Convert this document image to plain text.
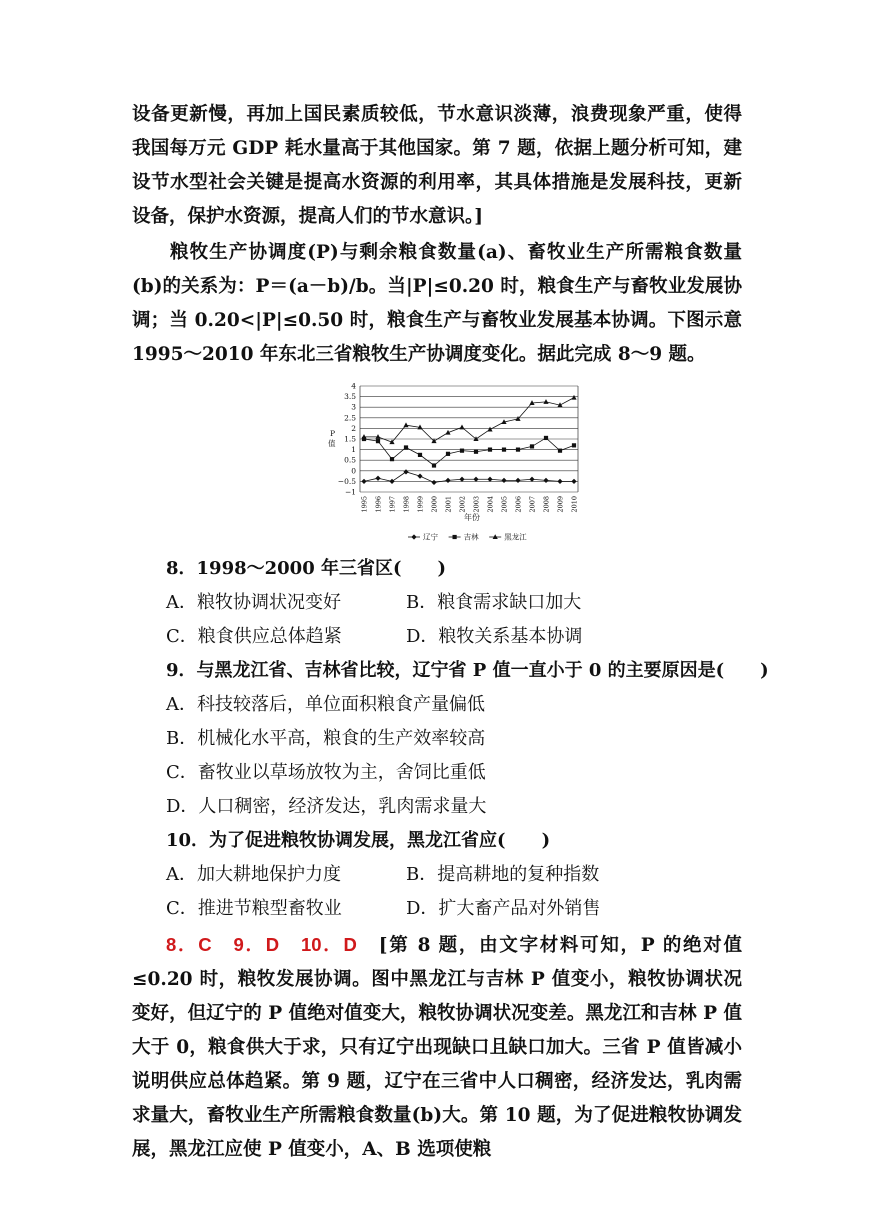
设备更新慢，再加上国民素质较低，节水意识淡薄，浪费现象严重，使得我国每万元 GDP 耗水量高于其他国家。第 7 题，依据上题分析可知，建设节水型社会关键是提高水资源的利用率，其具体措施是发展科技，更新设备，保护水资源，提高人们的节水意识。]

粮牧生产协调度(P)与剩余粮食数量(a)、畜牧业生产所需粮食数量(b)的关系为：P＝(a－b)/b。当|P|≤0.20 时，粮食生产与畜牧业发展协调；当 0.20<|P|≤0.50 时，粮食生产与畜牧业发展基本协调。下图示意 1995～2010 年东北三省粮牧生产协调度变化。据此完成 8～9 题。

4
3.5
3
2.5
2
1.5
1
0.5
0
−0.5
−1
1995 1996 1997 1998 1999 2000 2001 2002 2003 2004 2005 2006 2007 2008 2009 2010
P 值
年份
辽宁	吉林	黑龙江

8．1998～2000 年三省区(　　)

A．粮牧协调状况变好	B．粮食需求缺口加大
C．粮食供应总体趋紧	D．粮牧关系基本协调

9．与黑龙江省、吉林省比较，辽宁省 P 值一直小于 0 的主要原因是(　　)

A．科技较落后，单位面积粮食产量偏低
B．机械化水平高，粮食的生产效率较高
C．畜牧业以草场放牧为主，舍饲比重低
D．人口稠密，经济发达，乳肉需求量大

10．为了促进粮牧协调发展，黑龙江省应(　　)

A．加大耕地保护力度	B．提高耕地的复种指数
C．推进节粮型畜牧业	D．扩大畜产品对外销售

8．C　9．D　10．D　 [第 8 题，由文字材料可知，P 的绝对值≤0.20 时，粮牧发展协调。图中黑龙江与吉林 P 值变小，粮牧协调状况变好，但辽宁的 P 值绝对值变大，粮牧协调状况变差。黑龙江和吉林 P 值大于 0，粮食供大于求，只有辽宁出现缺口且缺口加大。三省 P 值皆减小说明供应总体趋紧。第 9 题，辽宁在三省中人口稠密，经济发达，乳肉需求量大，畜牧业生产所需粮食数量(b)大。第 10 题，为了促进粮牧协调发展，黑龙江应使 P 值变小，A、B 选项使粮
